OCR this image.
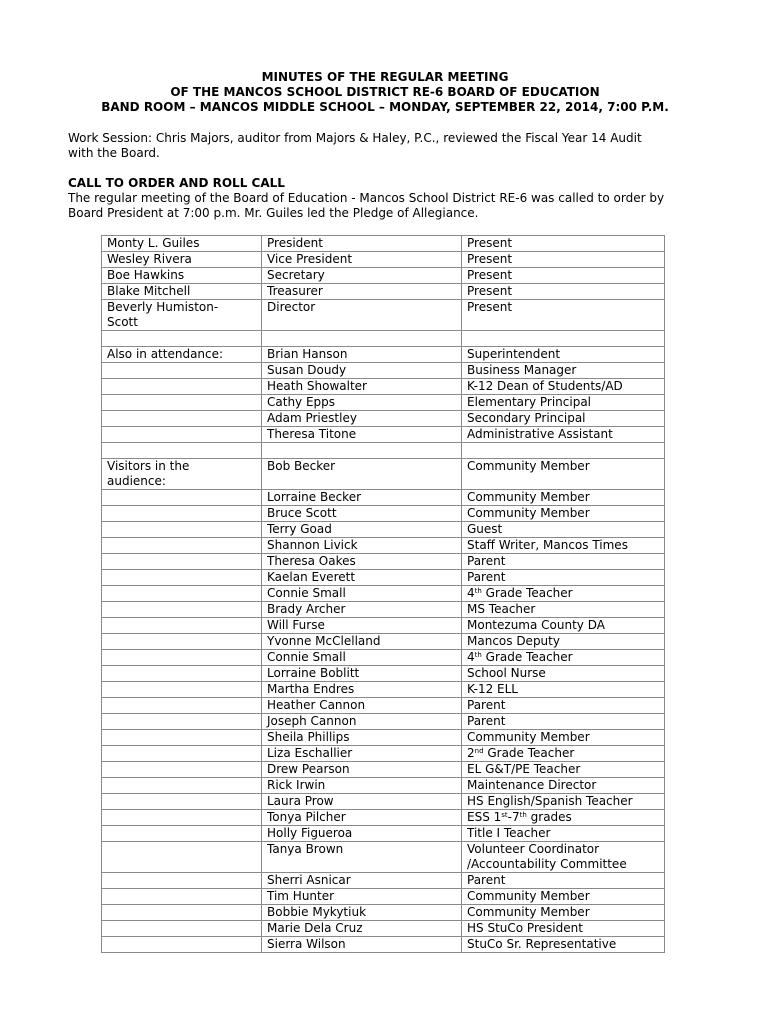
MINUTES OF THE REGULAR MEETING
OF THE MANCOS SCHOOL DISTRICT RE-6 BOARD OF EDUCATION
BAND ROOM – MANCOS MIDDLE SCHOOL – MONDAY, SEPTEMBER 22, 2014, 7:00 P.M.
Work Session: Chris Majors, auditor from Majors & Haley, P.C., reviewed the Fiscal Year 14 Audit
with the Board.
CALL TO ORDER AND ROLL CALL
The regular meeting of the Board of Education - Mancos School District RE-6 was called to order by
Board President at 7:00 p.m. Mr. Guiles led the Pledge of Allegiance.
Monty L. Guiles	President	Present

Wesley Rivera	Vice President	Present

Boe Hawkins	Secretary	Present

Blake Mitchell	Treasurer	Present

Beverly Humiston-
Scott	Director	Present

Also in attendance:	Brian Hanson	Superintendent

	Susan Doudy	Business Manager

	Heath Showalter	K-12 Dean of Students/AD

	Cathy Epps	Elementary Principal

	Adam Priestley	Secondary Principal

	Theresa Titone	Administrative Assistant

Visitors in the
audience:	Bob Becker	Community Member

	Lorraine Becker	Community Member

	Bruce Scott	Community Member

	Terry Goad	Guest

	Shannon Livick	Staff Writer, Mancos Times

	Theresa Oakes	Parent

	Kaelan Everett	Parent

	Connie Small	4th Grade Teacher

	Brady Archer	MS Teacher

	Will Furse	Montezuma County DA

	Yvonne McClelland	Mancos Deputy

	Connie Small	4th Grade Teacher

	Lorraine Boblitt	School Nurse

	Martha Endres	K-12 ELL

	Heather Cannon	Parent

	Joseph Cannon	Parent

	Sheila Phillips	Community Member

	Liza Eschallier	2nd Grade Teacher

	Drew Pearson	EL G&T/PE Teacher

	Rick Irwin	Maintenance Director

	Laura Prow	HS English/Spanish Teacher

	Tonya Pilcher	ESS 1st-7th grades

	Holly Figueroa	Title I Teacher

	Tanya Brown	Volunteer Coordinator
/Accountability Committee

	Sherri Asnicar	Parent

	Tim Hunter	Community Member

	Bobbie Mykytiuk	Community Member

	Marie Dela Cruz	HS StuCo President

	Sierra Wilson	StuCo Sr. Representative
